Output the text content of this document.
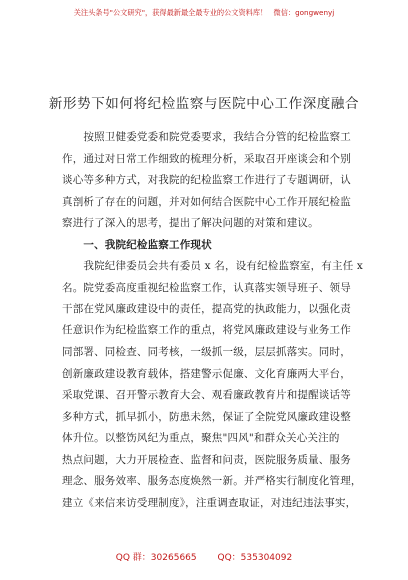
关注头条号"公文研究"，获得最新最全最专业的公文资料库！ 微信：gongwenyj
新形势下如何将纪检监察与医院中心工作深度融合
　　按照卫健委党委和院党委要求，我结合分管的纪检监察工
作，通过对日常工作细致的梳理分析，采取召开座谈会和个别
谈心等多种方式，对我院的纪检监察工作进行了专题调研，认
真剖析了存在的问题，并对如何结合医院中心工作开展纪检监
察进行了深入的思考，提出了解决问题的对策和建议。
　　一、我院纪检监察工作现状
　　我院纪律委员会共有委员 x 名，设有纪检监察室，有主任 x
名。院党委高度重视纪检监察工作，认真落实领导班子、领导
干部在党风廉政建设中的责任，提高党的执政能力，以强化责
任意识作为纪检监察工作的重点，将党风廉政建设与业务工作
同部署、同检查、同考核，一级抓一级，层层抓落实。同时，
创新廉政建设教育载体，搭建警示促廉、文化育廉两大平台，
采取党课、召开警示教育大会、观看廉政教育片和提醒谈话等
多种方式，抓早抓小，防患未然，保证了全院党风廉政建设整
体升位。以整饬风纪为重点，聚焦"四风"和群众关心关注的
热点问题，大力开展检查、监督和问责，医院服务质量、服务
理念、服务效率、服务态度焕然一新。并严格实行制度化管理，
建立《来信来访受理制度》，注重调查取证，对违纪违法事实，
QQ 群：30265665 QQ：535304092
